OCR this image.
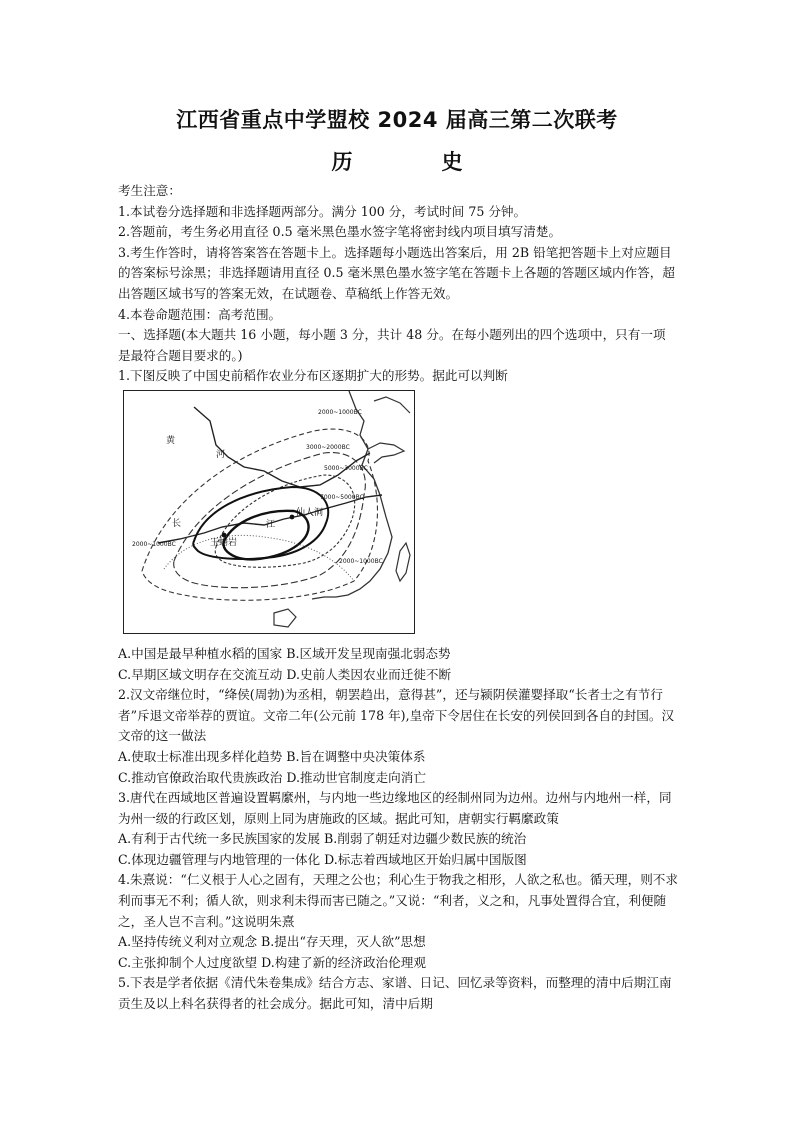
江西省重点中学盟校 2024 届高三第二次联考
历　史

考生注意：

1.本试卷分选择题和非选择题两部分。满分 100 分，考试时间 75 分钟。

2.答题前，考生务必用直径 0.5 毫米黑色墨水签字笔将密封线内项目填写清楚。

3.考生作答时，请将答案答在答题卡上。选择题每小题选出答案后，用 2B 铅笔把答题卡上对应题目的答案标号涂黑；非选择题请用直径 0.5 毫米黑色墨水签字笔在答题卡上各题的答题区域内作答，超出答题区域书写的答案无效，在试题卷、草稿纸上作答无效。

4.本卷命题范围：高考范围。

一、选择题(本大题共 16 小题，每小题 3 分，共计 48 分。在每小题列出的四个选项中，只有一项是最符合题目要求的。)

1.下图反映了中国史前稻作农业分布区逐期扩大的形势。据此可以判断

2000~1000BC
3000~2000BC
5000~3000BC
7000~5000BC
2000~1000BC
2000~1000BC
黄
河
长	江
仙人洞
玉蟾岩

A.中国是最早种植水稻的国家 B.区域开发呈现南强北弱态势

C.早期区域文明存在交流互动 D.史前人类因农业而迁徙不断

2.汉文帝继位时，“绛侯(周勃)为丞相，朝罢趋出，意得甚”，还与颍阴侯灌婴择取“长者士之有节行者”斥退文帝举荐的贾谊。文帝二年(公元前 178 年),皇帝下令居住在长安的列侯回到各自的封国。汉文帝的这一做法

A.使取士标准出现多样化趋势 B.旨在调整中央决策体系

C.推动官僚政治取代贵族政治 D.推动世官制度走向消亡

3.唐代在西域地区普遍设置羁縻州，与内地一些边缘地区的经制州同为边州。边州与内地州一样，同为州一级的行政区划，原则上同为唐施政的区域。据此可知，唐朝实行羁縻政策

A.有利于古代统一多民族国家的发展 B.削弱了朝廷对边疆少数民族的统治

C.体现边疆管理与内地管理的一体化 D.标志着西域地区开始归属中国版图

4.朱熹说：“仁义根于人心之固有，天理之公也；利心生于物我之相形，人欲之私也。循天理，则不求利而事无不利；循人欲，则求利未得而害已随之。”又说：“利者，义之和，凡事处置得合宜，利便随之，圣人岂不言利。”这说明朱熹

A.坚持传统义利对立观念 B.提出“存天理，灭人欲”思想

C.主张抑制个人过度欲望 D.构建了新的经济政治伦理观

5.下表是学者依据《清代朱卷集成》结合方志、家谱、日记、回忆录等资料，而整理的清中后期江南贡生及以上科名获得者的社会成分。据此可知，清中后期
